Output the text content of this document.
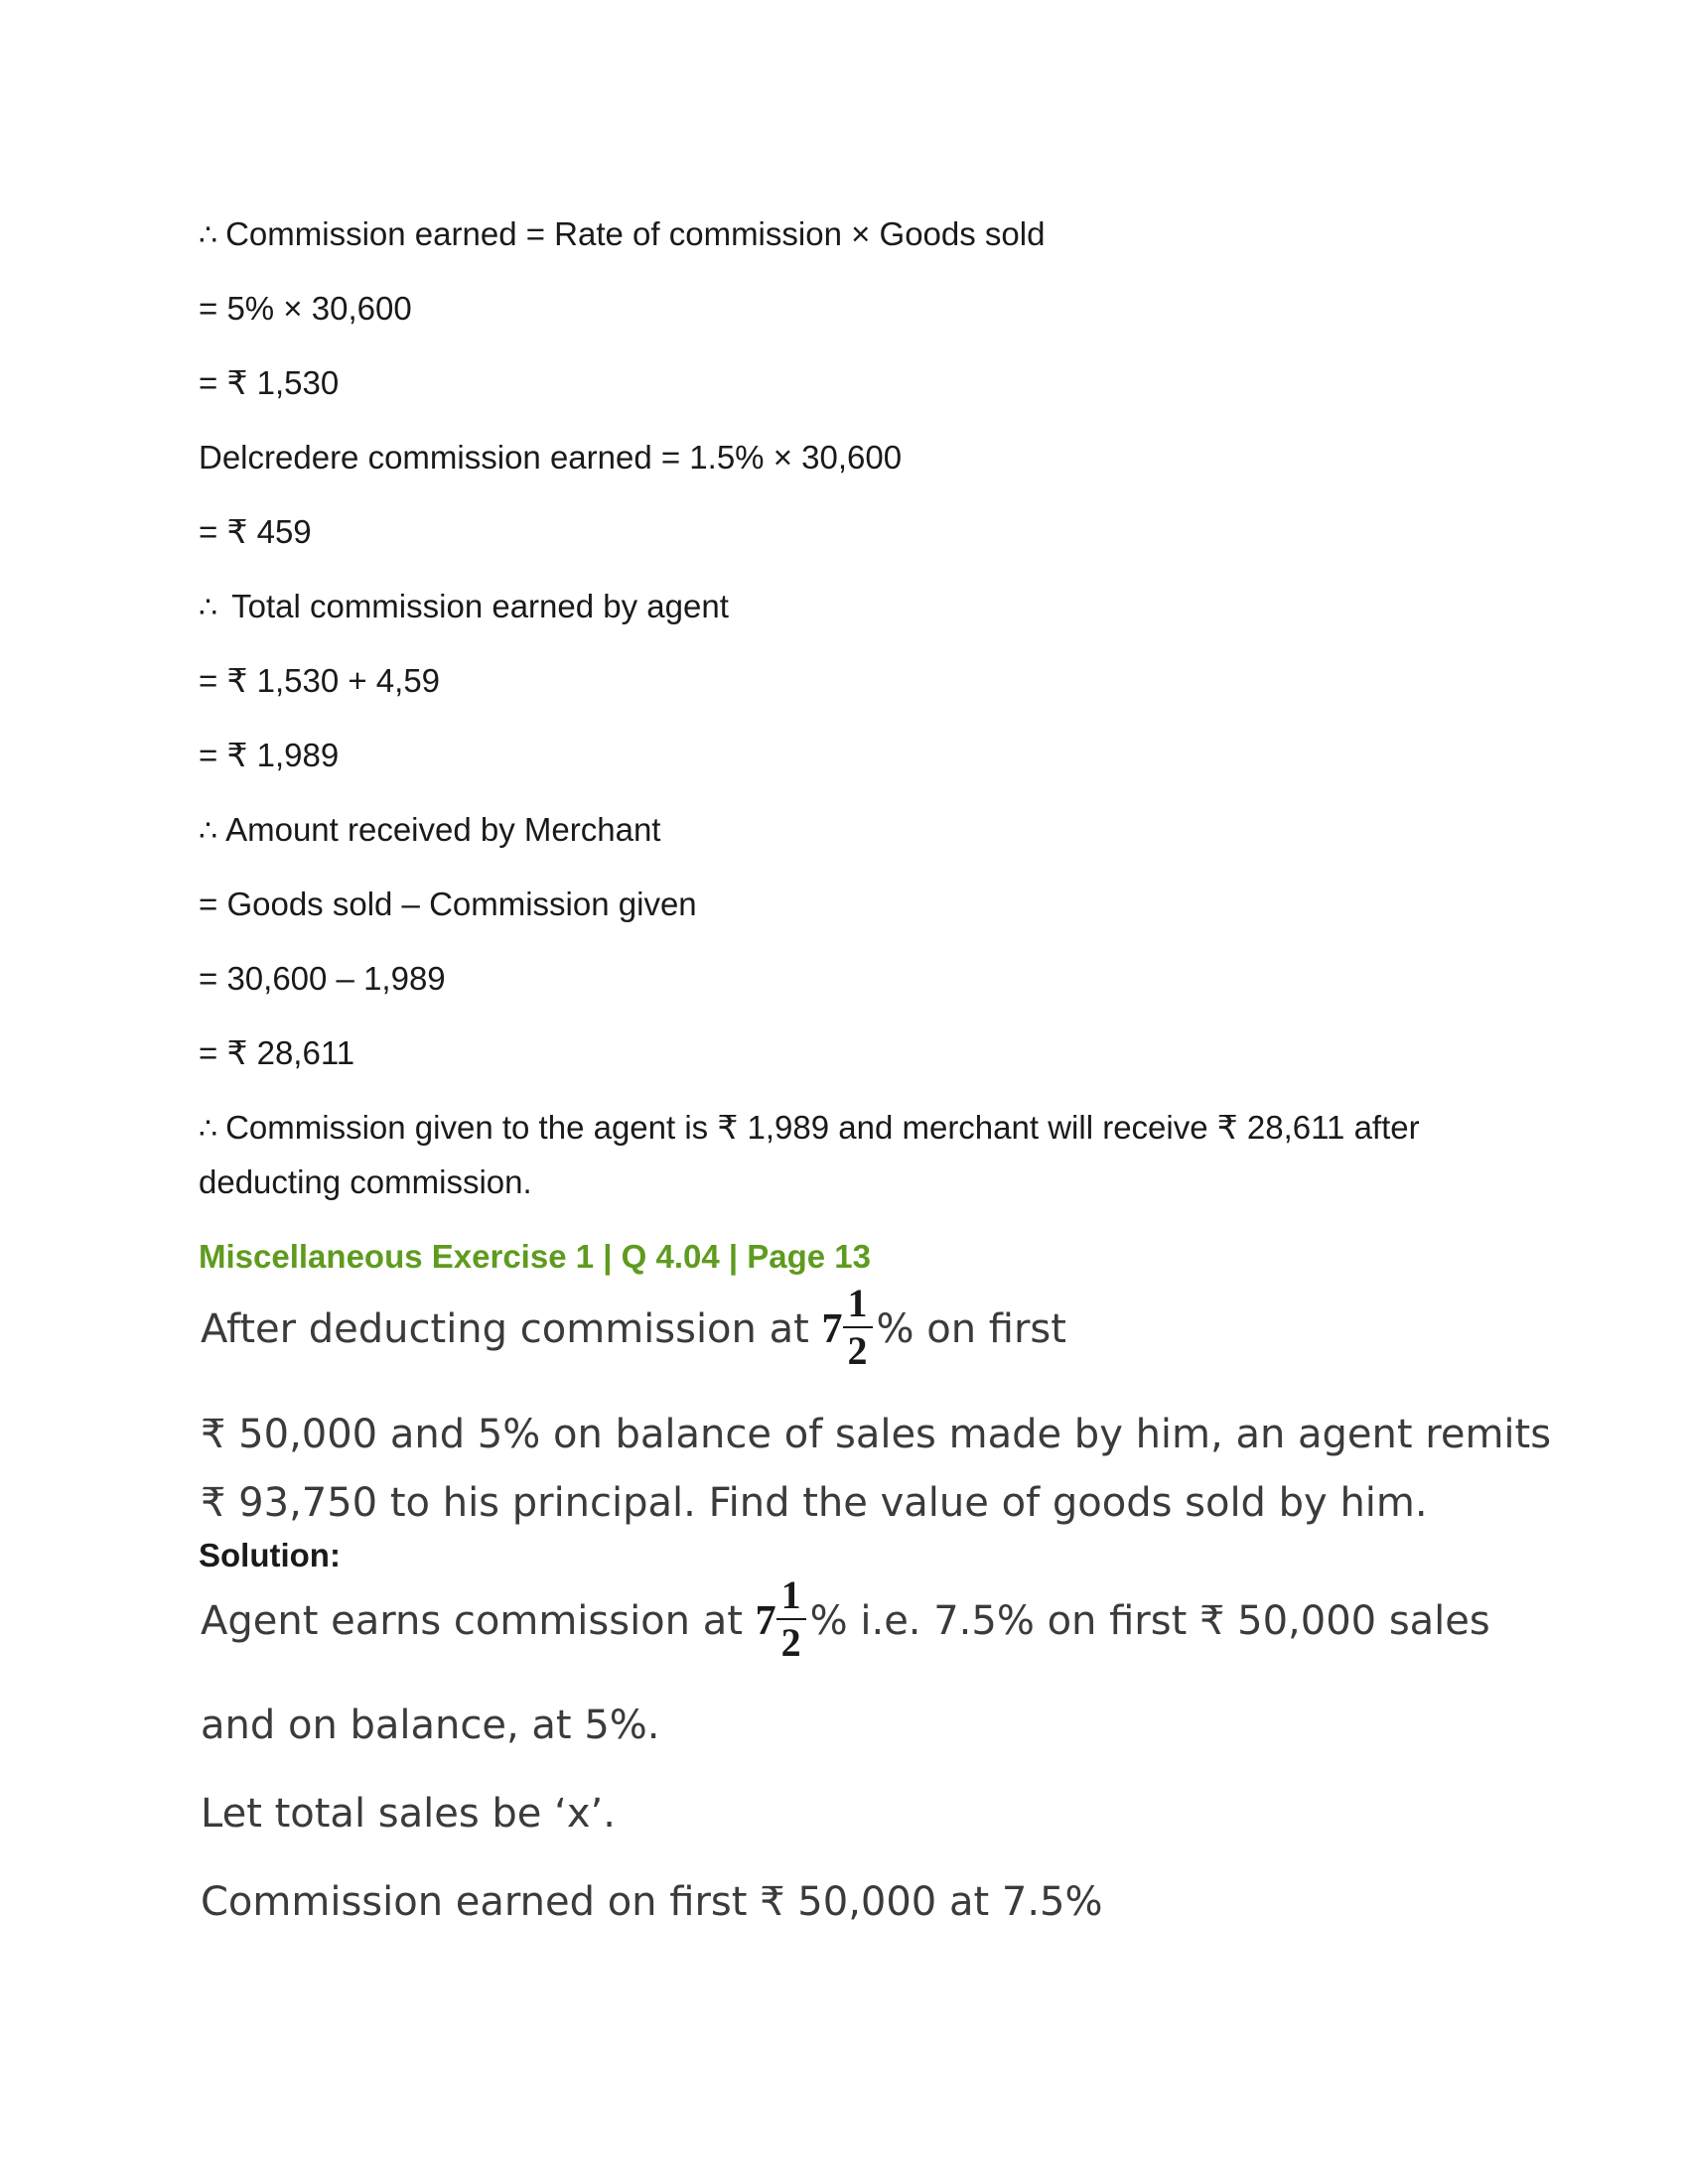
∴ Commission earned = Rate of commission × Goods sold
= 5% × 30,600
= ₹ 1,530
Delcredere commission earned = 1.5% × 30,600
= ₹ 459
∴ Total commission earned by agent
= ₹ 1,530 + 4,59
= ₹ 1,989
∴ Amount received by Merchant
= Goods sold – Commission given
= 30,600 – 1,989
= ₹ 28,611
∴ Commission given to the agent is ₹ 1,989 and merchant will receive ₹ 28,611 after
deducting commission.
Miscellaneous Exercise 1 | Q 4.04 | Page 13
After deducting commission at $7 \frac{1}{2}$ % on first
₹ 50,000 and 5% on balance of sales made by him, an agent remits
₹ 93,750 to his principal. Find the value of goods sold by him.
Solution:
Agent earns commission at $7 \frac{1}{2}$ % i.e. 7.5% on first ₹ 50,000 sales
and on balance, at 5%.
Let total sales be ‘x’.
Commission earned on first ₹ 50,000 at 7.5%
